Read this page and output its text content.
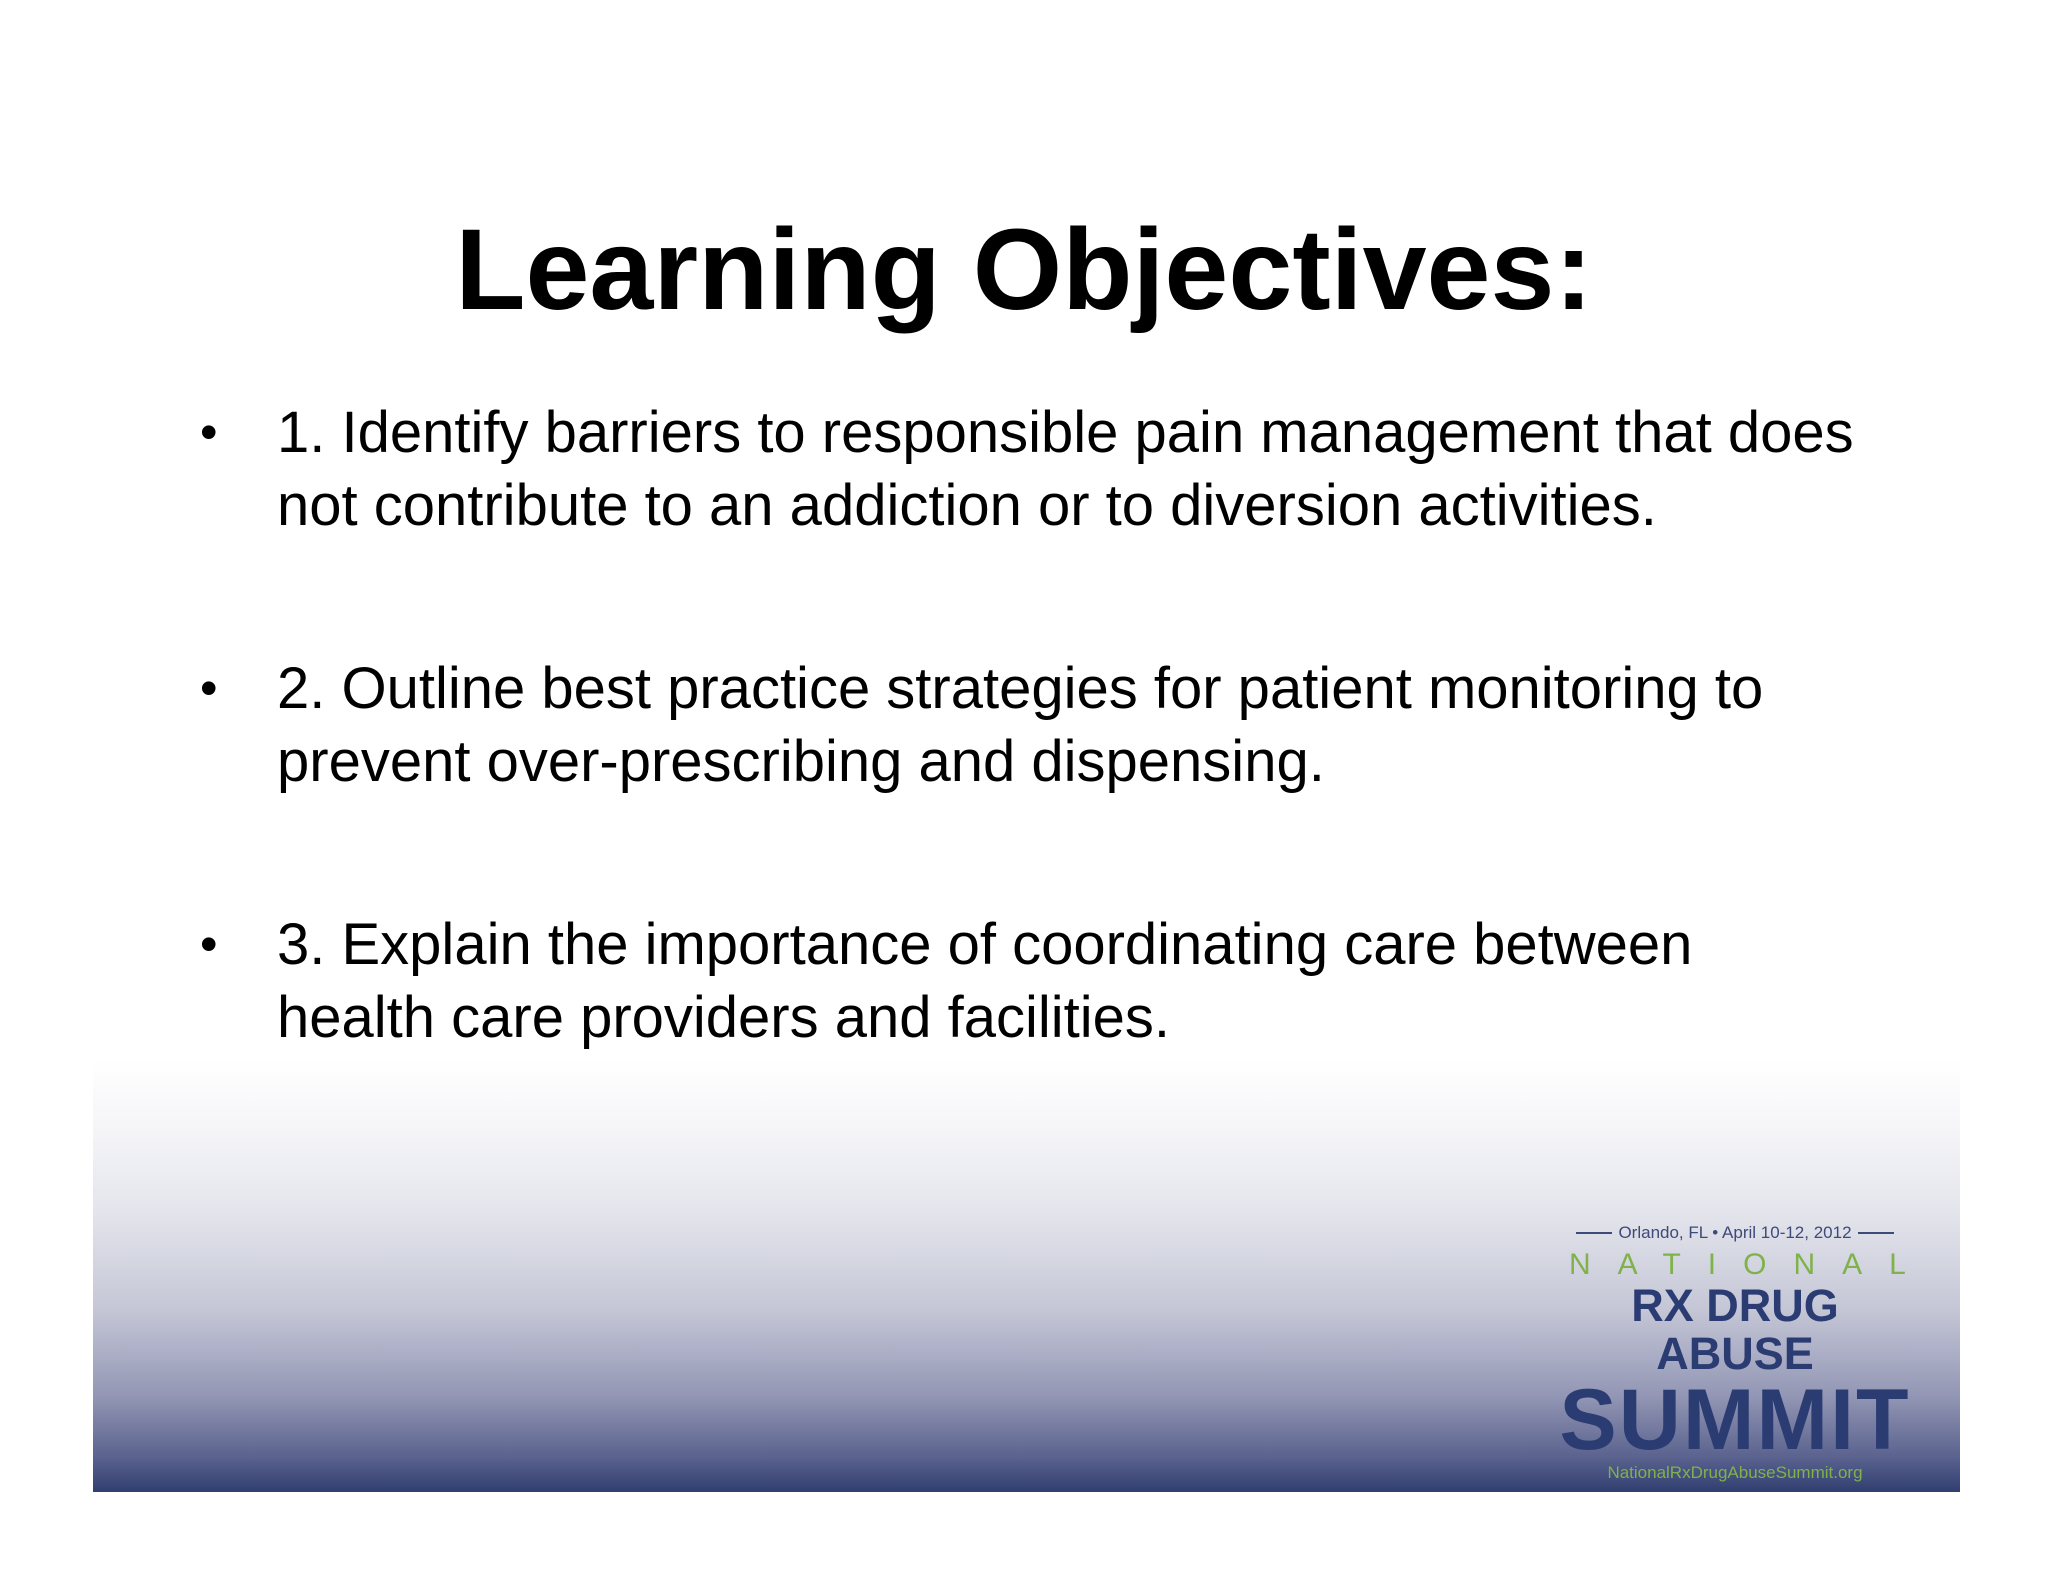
Learning Objectives:
• 1. Identify barriers to responsible pain management that does not contribute to an addiction or to diversion activities.
• 2. Outline best practice strategies for patient monitoring to prevent over-prescribing and dispensing.
• 3. Explain the importance of coordinating care between health care providers and facilities.
Orlando, FL • April 10-12, 2012
NATIONAL
RX DRUG ABUSE
SUMMIT
NationalRxDrugAbuseSummit.org
